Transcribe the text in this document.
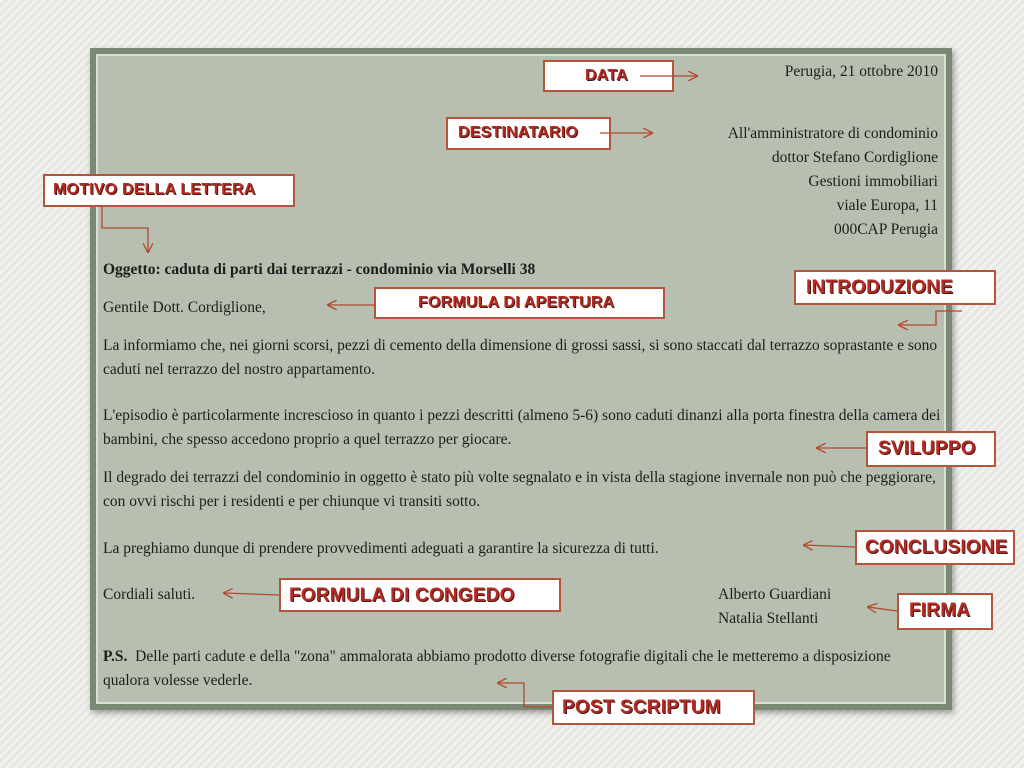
Perugia, 21 ottobre 2010
All'amministratore di condominio
dottor Stefano Cordiglione
Gestioni immobiliari
viale Europa, 11
000CAP Perugia
Oggetto: caduta di parti dai terrazzi - condominio via Morselli 38
Gentile Dott. Cordiglione,
La informiamo che, nei giorni scorsi, pezzi di cemento della dimensione di grossi sassi, si sono staccati dal terrazzo soprastante e sono caduti nel terrazzo del nostro appartamento.
L'episodio è particolarmente increscioso in quanto i pezzi descritti (almeno 5-6) sono caduti dinanzi alla porta finestra della camera dei bambini, che spesso accedono proprio a quel terrazzo per giocare.
Il degrado dei terrazzi del condominio in oggetto è stato più volte segnalato e in vista della stagione invernale non può che peggiorare, con ovvi rischi per i residenti e per chiunque vi transiti sotto.
La preghiamo dunque di prendere provvedimenti adeguati a garantire la sicurezza di tutti.
Cordiali saluti.	Alberto Guardiani
Natalia Stellanti
P.S. Delle parti cadute e della "zona" ammalorata abbiamo prodotto diverse fotografie digitali che le metteremo a disposizione qualora volesse vederle.
DATA
DESTINATARIO
MOTIVO DELLA LETTERA
INTRODUZIONE
FORMULA DI APERTURA
SVILUPPO
CONCLUSIONE
FORMULA DI CONGEDO
FIRMA
POST SCRIPTUM
